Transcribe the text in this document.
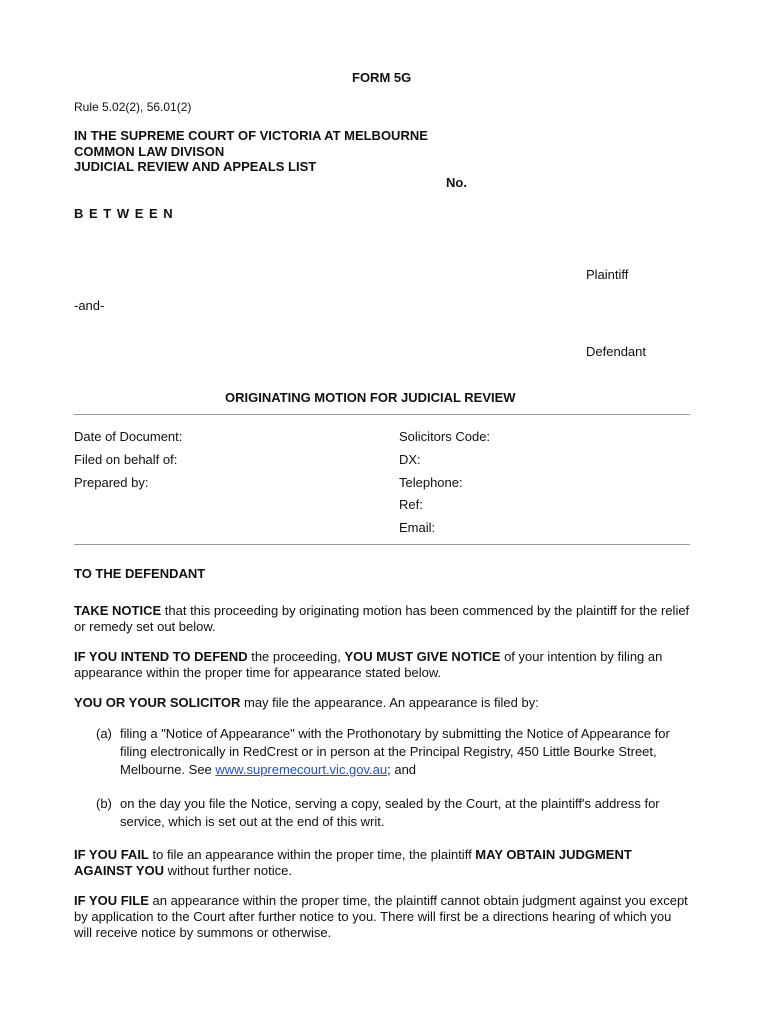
FORM 5G
Rule 5.02(2), 56.01(2)
IN THE SUPREME COURT OF VICTORIA AT MELBOURNE
COMMON LAW DIVISON
JUDICIAL REVIEW AND APPEALS LIST
No.
B E T W E E N
Plaintiff
-and-
Defendant
ORIGINATING MOTION FOR JUDICIAL REVIEW
Date of Document:
Filed on behalf of:
Prepared by:
Solicitors Code:
DX:
Telephone:
Ref:
Email:
TO THE DEFENDANT
TAKE NOTICE that this proceeding by originating motion has been commenced by the plaintiff for the relief or remedy set out below.
IF YOU INTEND TO DEFEND the proceeding, YOU MUST GIVE NOTICE of your intention by filing an appearance within the proper time for appearance stated below.
YOU OR YOUR SOLICITOR may file the appearance. An appearance is filed by:
(a) filing a "Notice of Appearance" with the Prothonotary by submitting the Notice of Appearance for filing electronically in RedCrest or in person at the Principal Registry, 450 Little Bourke Street, Melbourne. See www.supremecourt.vic.gov.au; and
(b) on the day you file the Notice, serving a copy, sealed by the Court, at the plaintiff's address for service, which is set out at the end of this writ.
IF YOU FAIL to file an appearance within the proper time, the plaintiff MAY OBTAIN JUDGMENT AGAINST YOU without further notice.
IF YOU FILE an appearance within the proper time, the plaintiff cannot obtain judgment against you except by application to the Court after further notice to you. There will first be a directions hearing of which you will receive notice by summons or otherwise.
